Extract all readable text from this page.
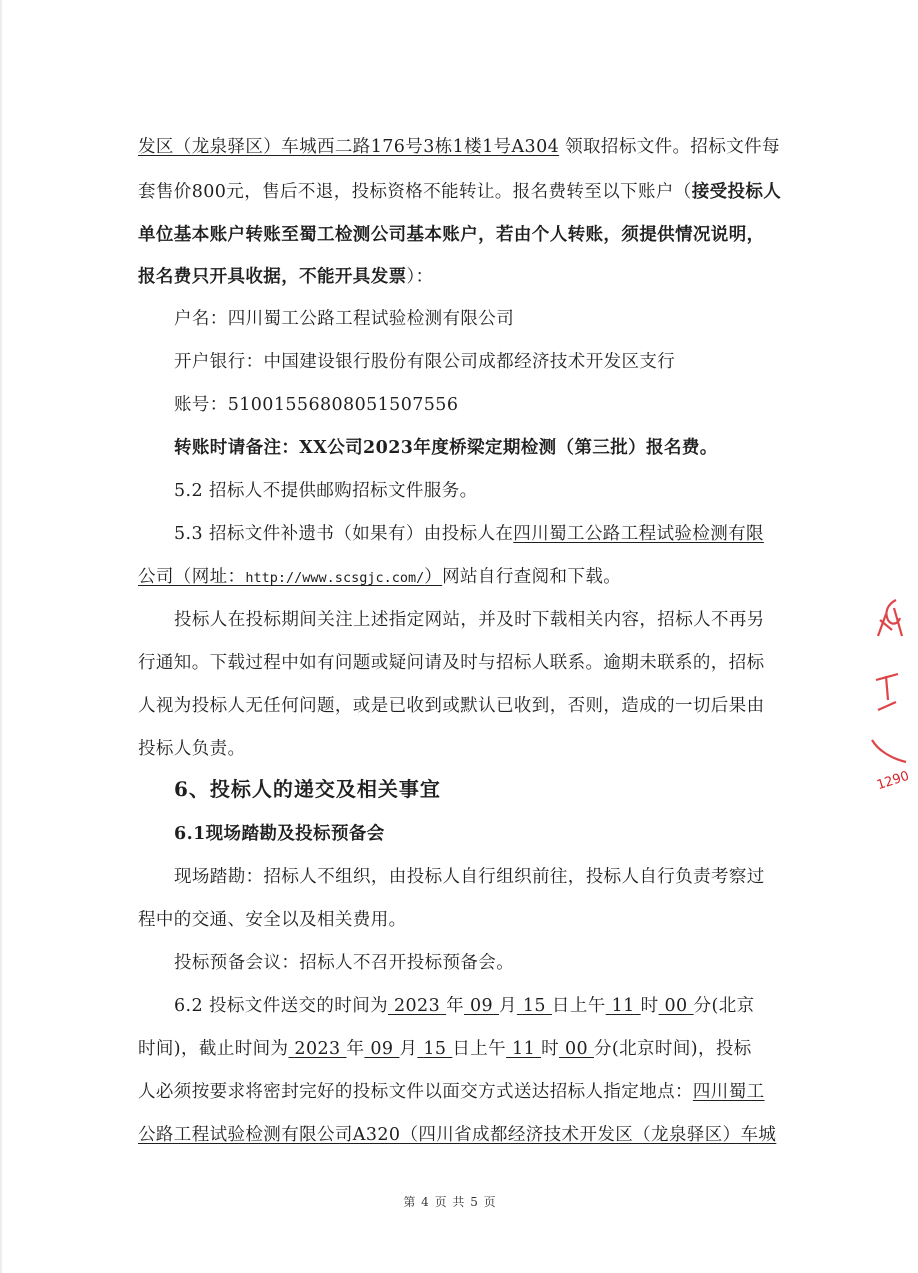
发区（龙泉驿区）车城西二路176号3栋1楼1号A304 领取招标文件。招标文件每
套售价800元，售后不退，投标资格不能转让。报名费转至以下账户（接受投标人
单位基本账户转账至蜀工检测公司基本账户，若由个人转账，须提供情况说明，
报名费只开具收据，不能开具发票）：
户名：四川蜀工公路工程试验检测有限公司
开户银行：中国建设银行股份有限公司成都经济技术开发区支行
账号：51001556808051507556
转账时请备注：XX公司2023年度桥梁定期检测（第三批）报名费。
5.2 招标人不提供邮购招标文件服务。
5.3 招标文件补遗书（如果有）由投标人在四川蜀工公路工程试验检测有限
公司（网址：http://www.scsgjc.com/）网站自行查阅和下载。
投标人在投标期间关注上述指定网站，并及时下载相关内容，招标人不再另
行通知。下载过程中如有问题或疑问请及时与招标人联系。逾期未联系的，招标
人视为投标人无任何问题，或是已收到或默认已收到，否则，造成的一切后果由
投标人负责。
6、投标人的递交及相关事宜
6.1现场踏勘及投标预备会
现场踏勘：招标人不组织，由投标人自行组织前往，投标人自行负责考察过
程中的交通、安全以及相关费用。
投标预备会议：招标人不召开投标预备会。
6.2 投标文件送交的时间为 2023 年 09 月 15 日上午 11 时 00 分(北京
时间)，截止时间为 2023 年 09 月 15 日上午 11 时 00 分(北京时间)，投标
人必须按要求将密封完好的投标文件以面交方式送达招标人指定地点：四川蜀工
公路工程试验检测有限公司A320（四川省成都经济技术开发区（龙泉驿区）车城
第 4 页 共 5 页
1290
